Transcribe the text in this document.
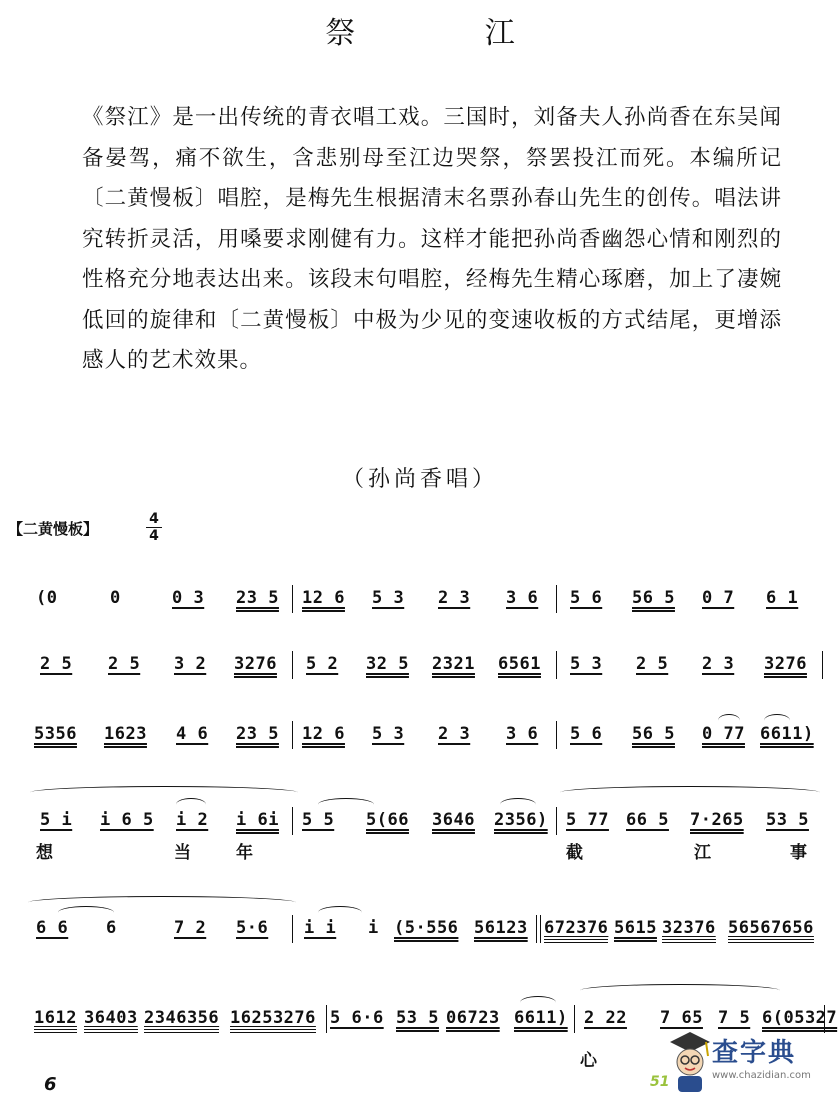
祭 江

《祭江》是一出传统的青衣唱工戏。三国时，刘备夫人孙尚香在东吴闻备晏驾，痛不欲生，含悲别母至江边哭祭，祭罢投江而死。本编所记〔二黄慢板〕唱腔，是梅先生根据清末名票孙春山先生的创传。唱法讲究转折灵活，用嗓要求刚健有力。这样才能把孙尚香幽怨心情和刚烈的性格充分地表达出来。该段末句唱腔，经梅先生精心琢磨，加上了凄婉低回的旋律和〔二黄慢板〕中极为少见的变速收板的方式结尾，更增添感人的艺术效果。

（孙尚香唱）
【二黄慢板】
4
4
(0	0	0 3 23 5 12 6 5 3 2 3 3 6 5 6 56 5 0 7 6 1
2 5 2 5 3 2 3276 5 2 32 5 2321 6561 5 3 2 5 2 3 3276
5356 1623 4 6 23 5 12 6 5 3 2 3 3 6 5 6 56 5 0 77 6611)
5 i i 6 5 i 2 i 6i 5 5 5(66 3646 2356) 5 77 66 5 7·265 53 5
想	当	年	截	江	事
6 6 6	7 2 5·6 i i i (5·556 56123 672376 5615 32376 56567656
1612 36403 2346356 16253276 5 6·6 53 5 06723 6611) 2 22 7 65 7 5 6(05327
心
6	51
查字典
www.chazidian.com
